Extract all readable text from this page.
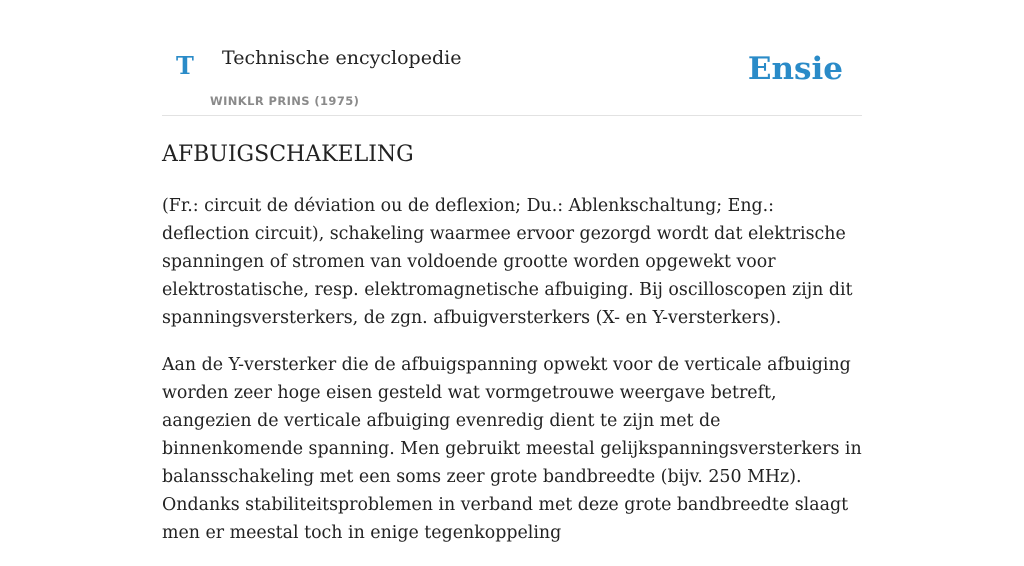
T Technische encyclopedie
WINKLR PRINS (1975)
Ensie
AFBUIGSCHAKELING

(Fr.: circuit de déviation ou de deflexion; Du.: Ablenkschaltung; Eng.: deflection circuit), schakeling waarmee ervoor gezorgd wordt dat elektrische spanningen of stromen van voldoende grootte worden opgewekt voor elektrostatische, resp. elektromagnetische afbuiging. Bij oscilloscopen zijn dit spanningsversterkers, de zgn. afbuigversterkers (X- en Y-versterkers).

Aan de Y-versterker die de afbuigspanning opwekt voor de verticale afbuiging worden zeer hoge eisen gesteld wat vormgetrouwe weergave betreft, aangezien de verticale afbuiging evenredig dient te zijn met de binnenkomende spanning. Men gebruikt meestal gelijkspanningsversterkers in balansschakeling met een soms zeer grote bandbreedte (bijv. 250 MHz). Ondanks stabiliteitsproblemen in verband met deze grote bandbreedte slaagt men er meestal toch in enige tegenkoppeling
